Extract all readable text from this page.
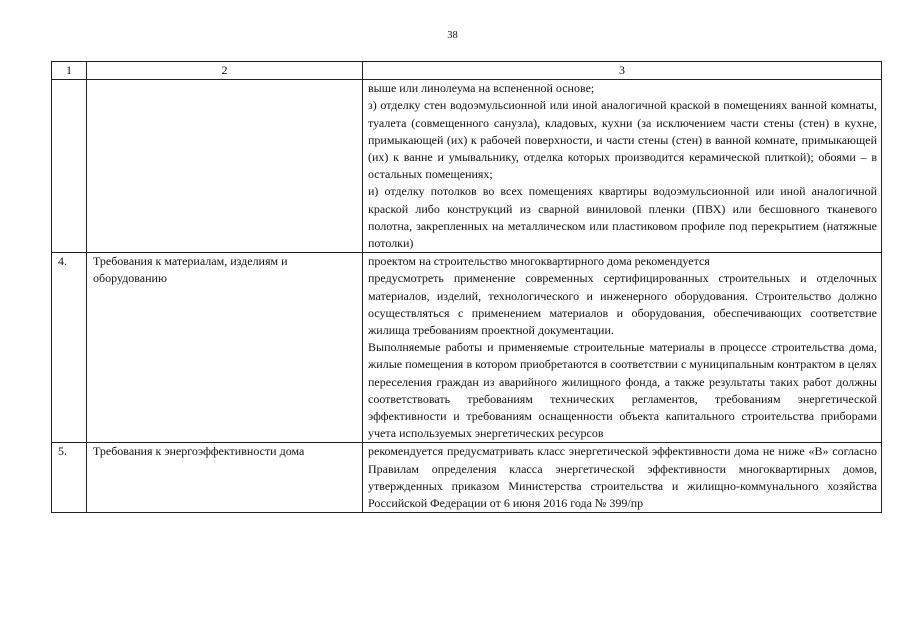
38
1	2	3

		выше или линолеума на вспененной основе;
з) отделку стен водоэмульсионной или иной аналогичной краской в помещениях ванной комнаты, туалета (совмещенного санузла), кладовых, кухни (за исключением части стены (стен) в кухне, примыкающей (их) к рабочей поверхности, и части стены (стен) в ванной комнате, примыкающей (их) к ванне и умывальнику, отделка которых производится керамической плиткой); обоями – в остальных помещениях;
и) отделку потолков во всех помещениях квартиры водоэмульсионной или иной аналогичной краской либо конструкций из сварной виниловой пленки (ПВХ) или бесшовного тканевого полотна, закрепленных на металлическом или пластиковом профиле под перекрытием (натяжные потолки)

4.	Требования к материалам, изделиям и оборудованию	проектом на строительство многоквартирного дома рекомендуется
предусмотреть применение современных сертифицированных строительных и отделочных материалов, изделий, технологического и инженерного оборудования. Строительство должно осуществляться с применением материалов и оборудования, обеспечивающих соответствие жилища требованиям проектной документации.
Выполняемые работы и применяемые строительные материалы в процессе строительства дома, жилые помещения в котором приобретаются в соответствии с муниципальным контрактом в целях переселения граждан из аварийного жилищного фонда, а также результаты таких работ должны соответствовать требованиям технических регламентов, требованиям энергетической эффективности и требованиям оснащенности объекта капитального строительства приборами учета используемых энергетических ресурсов

5.	Требования к энергоэффективности дома	рекомендуется предусматривать класс энергетической эффективности дома не ниже «В» согласно Правилам определения класса энергетической эффективности многоквартирных домов, утвержденных приказом Министерства строительства и жилищно-коммунального хозяйства Российской Федерации от 6 июня 2016 года № 399/пр
